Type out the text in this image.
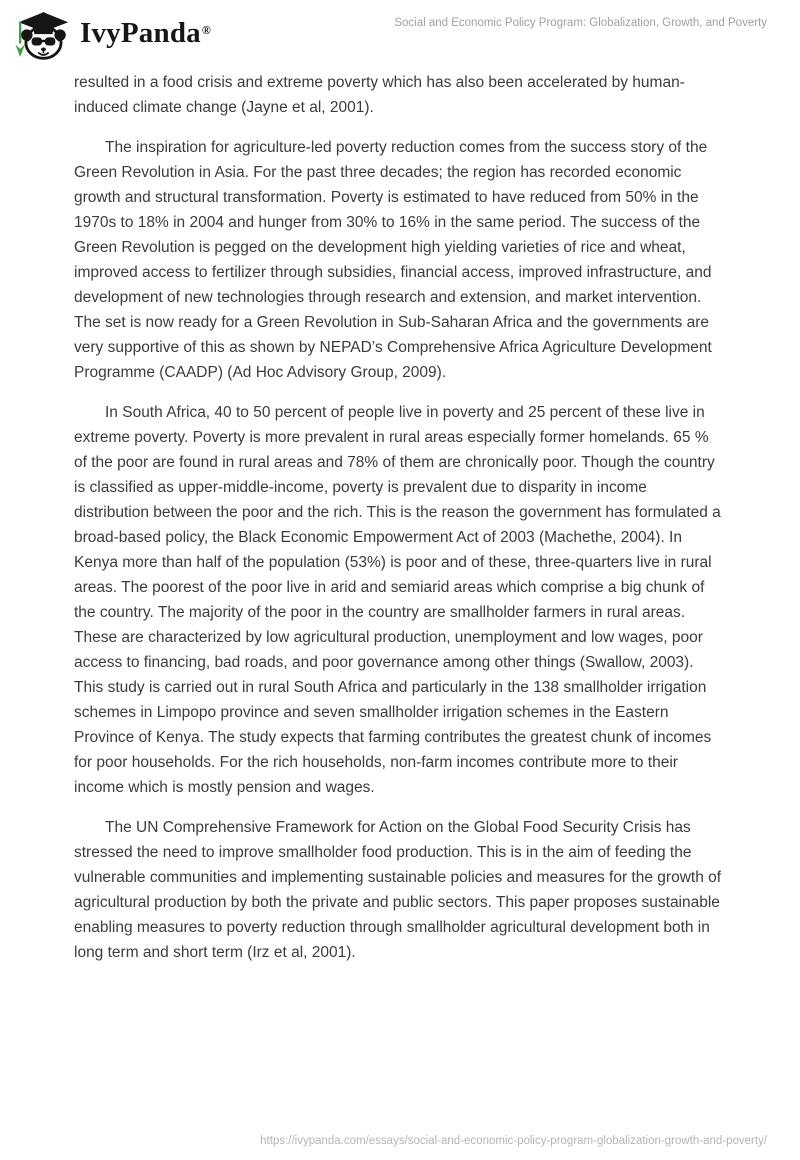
IvyPanda®
Social and Economic Policy Program: Globalization, Growth, and Poverty

resulted in a food crisis and extreme poverty which has also been accelerated by human-induced climate change (Jayne et al, 2001).

The inspiration for agriculture-led poverty reduction comes from the success story of the Green Revolution in Asia. For the past three decades; the region has recorded economic growth and structural transformation. Poverty is estimated to have reduced from 50% in the 1970s to 18% in 2004 and hunger from 30% to 16% in the same period. The success of the Green Revolution is pegged on the development high yielding varieties of rice and wheat, improved access to fertilizer through subsidies, financial access, improved infrastructure, and development of new technologies through research and extension, and market intervention. The set is now ready for a Green Revolution in Sub-Saharan Africa and the governments are very supportive of this as shown by NEPAD’s Comprehensive Africa Agriculture Development Programme (CAADP) (Ad Hoc Advisory Group, 2009).

In South Africa, 40 to 50 percent of people live in poverty and 25 percent of these live in extreme poverty. Poverty is more prevalent in rural areas especially former homelands. 65 % of the poor are found in rural areas and 78% of them are chronically poor. Though the country is classified as upper-middle-income, poverty is prevalent due to disparity in income distribution between the poor and the rich. This is the reason the government has formulated a broad-based policy, the Black Economic Empowerment Act of 2003 (Machethe, 2004). In Kenya more than half of the population (53%) is poor and of these, three-quarters live in rural areas. The poorest of the poor live in arid and semiarid areas which comprise a big chunk of the country. The majority of the poor in the country are smallholder farmers in rural areas. These are characterized by low agricultural production, unemployment and low wages, poor access to financing, bad roads, and poor governance among other things (Swallow, 2003). This study is carried out in rural South Africa and particularly in the 138 smallholder irrigation schemes in Limpopo province and seven smallholder irrigation schemes in the Eastern Province of Kenya. The study expects that farming contributes the greatest chunk of incomes for poor households. For the rich households, non-farm incomes contribute more to their income which is mostly pension and wages.

The UN Comprehensive Framework for Action on the Global Food Security Crisis has stressed the need to improve smallholder food production. This is in the aim of feeding the vulnerable communities and implementing sustainable policies and measures for the growth of agricultural production by both the private and public sectors. This paper proposes sustainable enabling measures to poverty reduction through smallholder agricultural development both in long term and short term (Irz et al, 2001).

https://ivypanda.com/essays/social-and-economic-policy-program-globalization-growth-and-poverty/
